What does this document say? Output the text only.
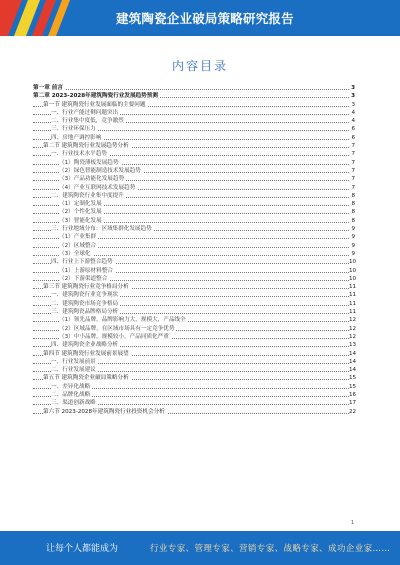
建筑陶瓷企业破局策略研究报告
内容目录
第一章 前言	3
第二章 2023-2028年建筑陶瓷行业发展趋势预测	3
第一节 建筑陶瓷行业发展面临的主要问题	3
一、行业产能过剩问题突出	4
二、行业集中度低，竞争激烈	4
三、行业环保压力	6
四、房地产调控影响	6
第二节 建筑陶瓷行业发展趋势分析	7
一、行业技术水平趋势	7
（1）陶瓷薄板发展趋势	7
（2）绿色智能制造技术发展趋势	7
（3）产品功能化发展趋势	7
（4）产业互联网技术发展趋势	7
二、建筑陶瓷行业集中度提升	8
（1）定制化发展	8
（2）个性化发展	8
（3）智能化发展	8
三、行业地域分布：区域集群化发展趋势	9
（1）产业集群	9
（2）区域整合	9
（3）全球化	9
四、行业上下游整合趋势	10
（1）上游原材料整合	10
（2）下游渠道整合	10
第三节 建筑陶瓷行业竞争格局分析	11
一、建筑陶瓷行业竞争现状	11
二、建筑陶瓷市场竞争格局	11
三、建筑陶瓷品牌格局分析	11
（1）领先品牌，品牌影响力大，规模大，产品线全	12
（2）区域品牌，在区域市场具有一定竞争优势	12
（3）中小品牌，规模较小，产品同质化严重	12
四、建筑陶瓷企业战略分析	13
第四节 建筑陶瓷行业发展前景展望	14
一、行业发展前景	14
二、行业发展建议	14
第五节 建筑陶瓷企业破局策略分析	15
一、差异化战略	15
二、品牌化战略	16
三、渠道创新战略	17
第六节 2023-2028年建筑陶瓷行业投资机会分析	22
1
让每个人都能成为	行业专家、管理专家、营销专家、战略专家、成功企业家……
